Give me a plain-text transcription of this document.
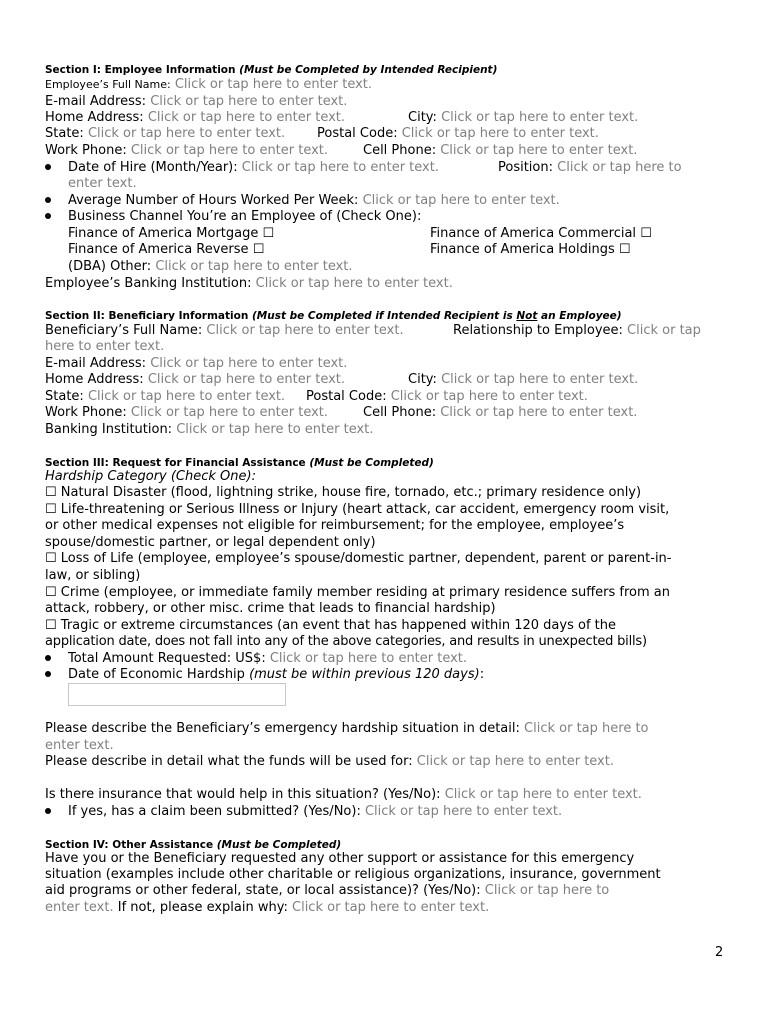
Section I: Employee Information (Must be Completed by Intended Recipient)
Employee’s Full Name: Click or tap here to enter text.
E-mail Address: Click or tap here to enter text.
Home Address: Click or tap here to enter text.	City: Click or tap here to enter text.
State: Click or tap here to enter text. Postal Code: Click or tap here to enter text.
Work Phone: Click or tap here to enter text.	Cell Phone: Click or tap here to enter text.
Date of Hire (Month/Year): Click or tap here to enter text.	Position: Click or tap here to
enter text.
Average Number of Hours Worked Per Week: Click or tap here to enter text.
Business Channel You’re an Employee of (Check One):
Finance of America Mortgage ☐	Finance of America Commercial ☐
Finance of America Reverse ☐	Finance of America Holdings ☐
(DBA) Other: Click or tap here to enter text.
Employee’s Banking Institution: Click or tap here to enter text.
Section II: Beneficiary Information (Must be Completed if Intended Recipient is Not an Employee)
Beneficiary’s Full Name: Click or tap here to enter text.	Relationship to Employee: Click or tap
here to enter text.
E-mail Address: Click or tap here to enter text.
Home Address: Click or tap here to enter text.	City: Click or tap here to enter text.
State: Click or tap here to enter text. Postal Code: Click or tap here to enter text.
Work Phone: Click or tap here to enter text.	Cell Phone: Click or tap here to enter text.
Banking Institution: Click or tap here to enter text.
Section III: Request for Financial Assistance (Must be Completed)
Hardship Category (Check One):
☐ Natural Disaster (flood, lightning strike, house fire, tornado, etc.; primary residence only)
☐ Life-threatening or Serious Illness or Injury (heart attack, car accident, emergency room visit,
or other medical expenses not eligible for reimbursement; for the employee, employee’s
spouse/domestic partner, or legal dependent only)
☐ Loss of Life (employee, employee’s spouse/domestic partner, dependent, parent or parent-in-
law, or sibling)
☐ Crime (employee, or immediate family member residing at primary residence suffers from an
attack, robbery, or other misc. crime that leads to financial hardship)
☐ Tragic or extreme circumstances (an event that has happened within 120 days of the
application date, does not fall into any of the above categories, and results in unexpected bills)
Total Amount Requested: US$: Click or tap here to enter text.
Date of Economic Hardship (must be within previous 120 days):
Please describe the Beneficiary’s emergency hardship situation in detail: Click or tap here to
enter text.
Please describe in detail what the funds will be used for: Click or tap here to enter text.
Is there insurance that would help in this situation? (Yes/No): Click or tap here to enter text.
If yes, has a claim been submitted? (Yes/No): Click or tap here to enter text.
Section IV: Other Assistance (Must be Completed)
Have you or the Beneficiary requested any other support or assistance for this emergency
situation (examples include other charitable or religious organizations, insurance, government
aid programs or other federal, state, or local assistance)? (Yes/No): Click or tap here to
enter text. If not, please explain why: Click or tap here to enter text.
2
